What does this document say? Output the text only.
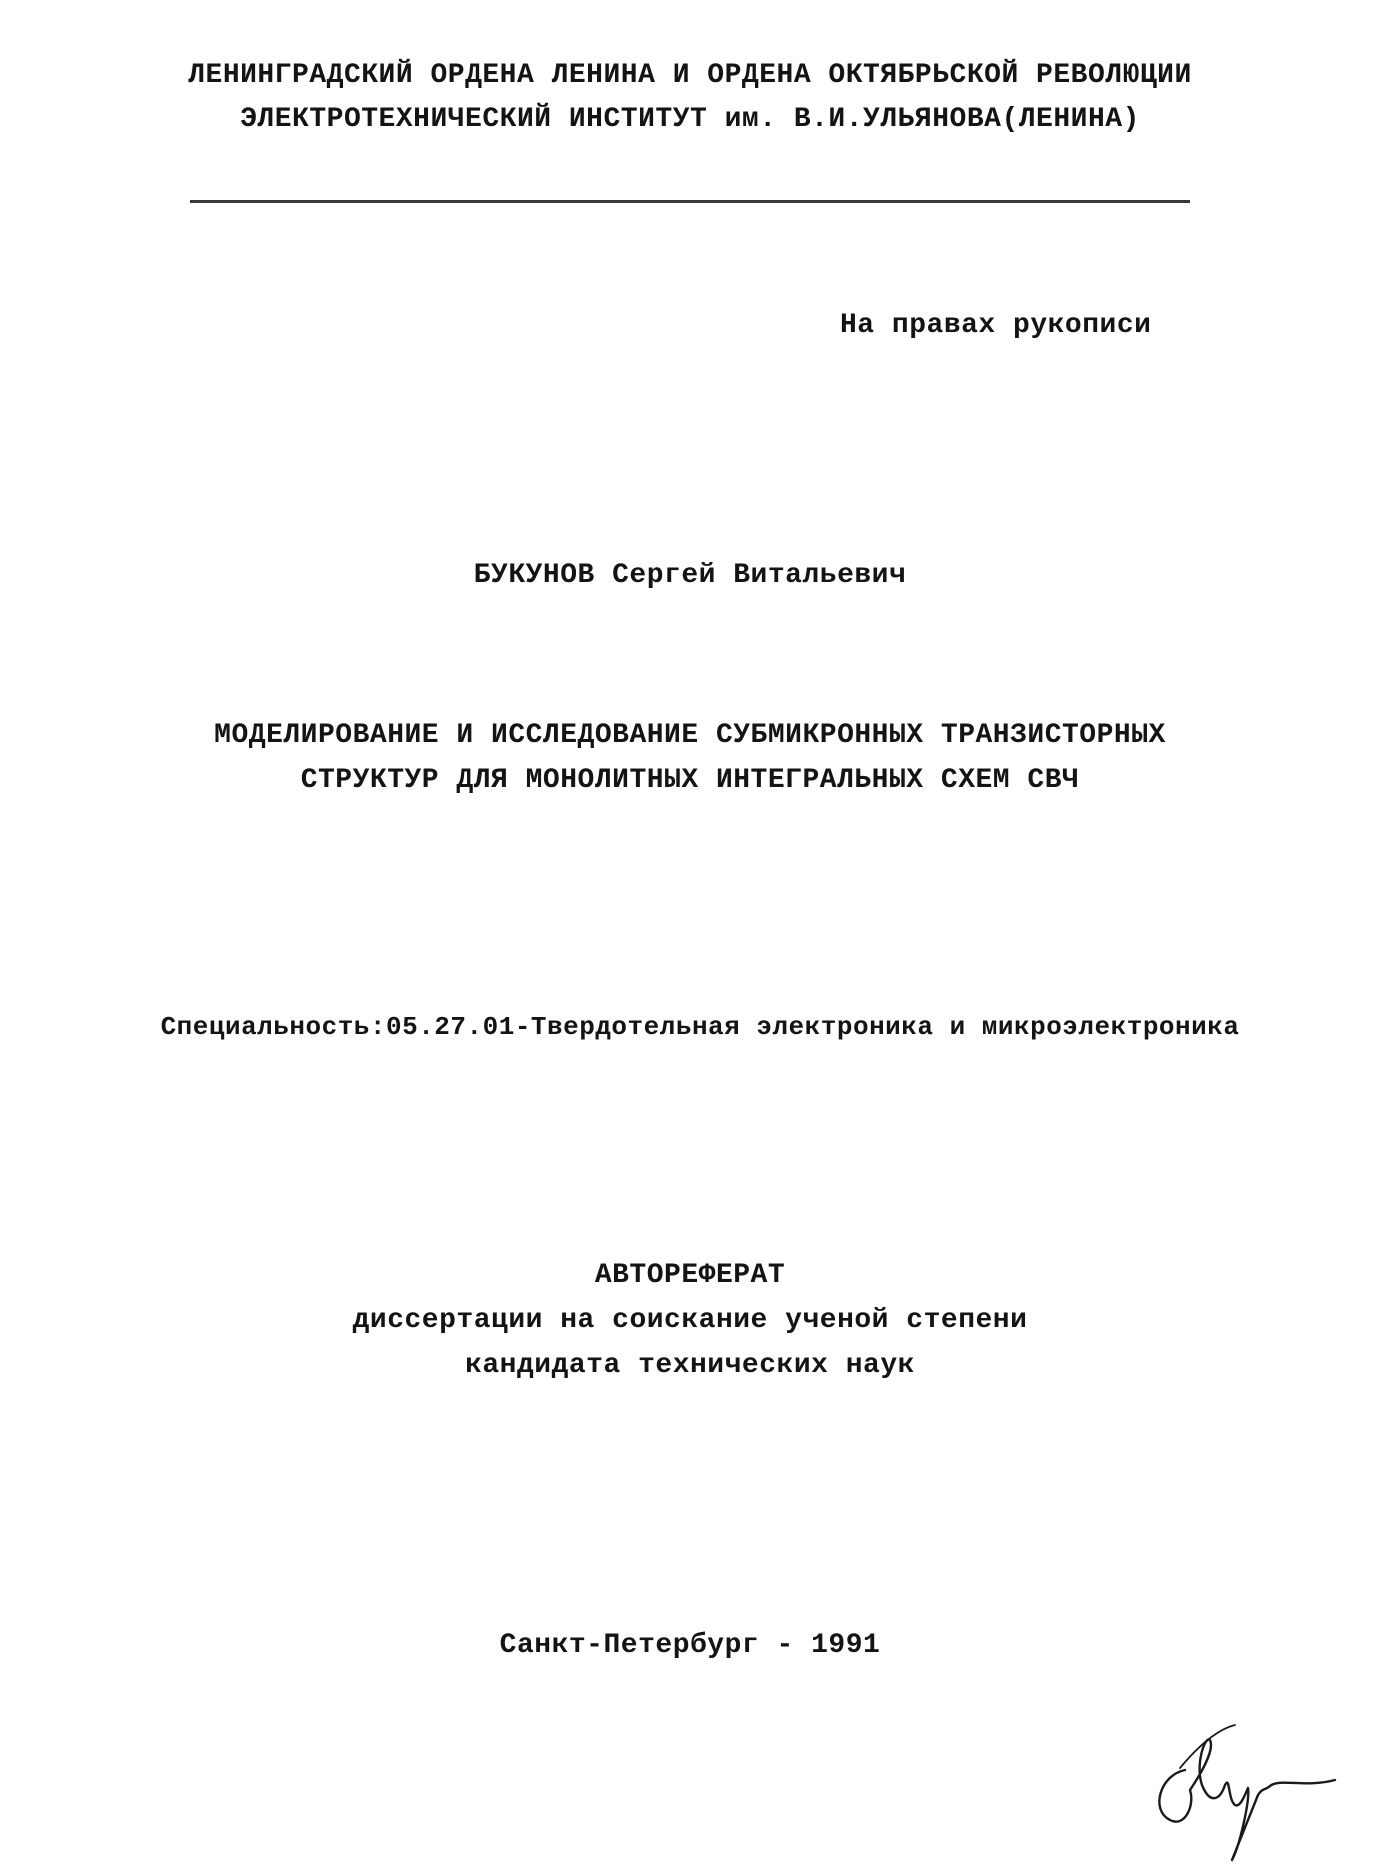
ЛЕНИНГРАДСКИЙ ОРДЕНА ЛЕНИНА И ОРДЕНА ОКТЯБРЬСКОЙ РЕВОЛЮЦИИ
ЭЛЕКТРОТЕХНИЧЕСКИЙ ИНСТИТУТ им. В.И.УЛЬЯНОВА(ЛЕНИНА)
На правах рукописи
БУКУНОВ Сергей Витальевич
МОДЕЛИРОВАНИЕ И ИССЛЕДОВАНИЕ СУБМИКРОННЫХ ТРАНЗИСТОРНЫХ
СТРУКТУР ДЛЯ МОНОЛИТНЫХ ИНТЕГРАЛЬНЫХ СХЕМ СВЧ
Специальность:05.27.01-Твердотельная электроника и микроэлектроника
АВТОРЕФЕРАТ
диссертации на соискание ученой степени
кандидата технических наук
Санкт-Петербург - 1991
